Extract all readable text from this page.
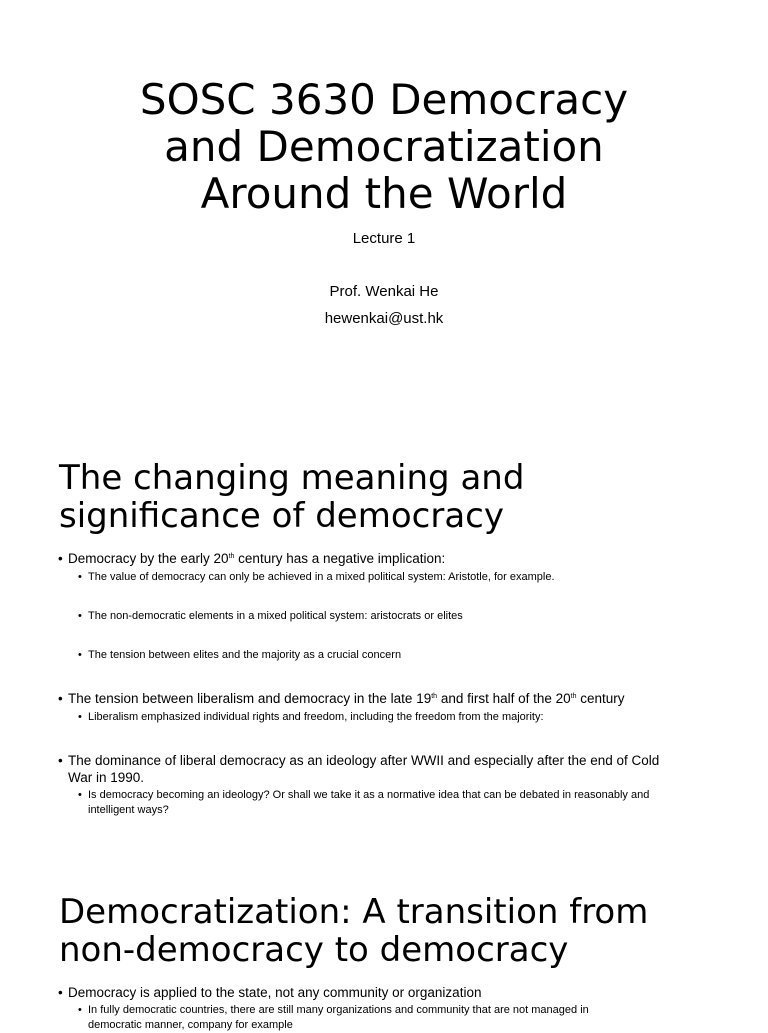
SOSC 3630 Democracy
and Democratization
Around the World
Lecture 1
Prof. Wenkai He
hewenkai@ust.hk
The changing meaning and
significance of democracy
• Democracy by the early 20th century has a negative implication:
• The value of democracy can only be achieved in a mixed political system: Aristotle, for example.
• The non-democratic elements in a mixed political system: aristocrats or elites
• The tension between elites and the majority as a crucial concern
• The tension between liberalism and democracy in the late 19th and first half of the 20th century
• Liberalism emphasized individual rights and freedom, including the freedom from the majority:
• The dominance of liberal democracy as an ideology after WWII and especially after the end of Cold
War in 1990.
• Is democracy becoming an ideology? Or shall we take it as a normative idea that can be debated in reasonably and
intelligent ways?
Democratization: A transition from
non-democracy to democracy
• Democracy is applied to the state, not any community or organization
• In fully democratic countries, there are still many organizations and community that are not managed in
democratic manner, company for example
